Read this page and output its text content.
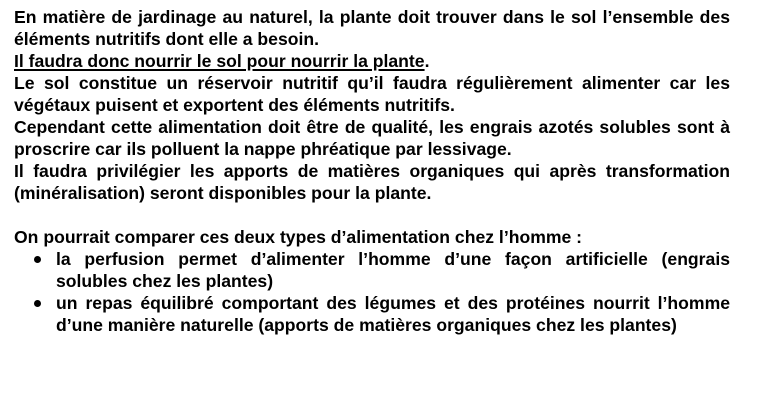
En matière de jardinage au naturel, la plante doit trouver dans le sol l’ensemble des éléments nutritifs dont elle a besoin.

Il faudra donc nourrir le sol pour nourrir la plante.

Le sol constitue un réservoir nutritif qu’il faudra régulièrement alimenter car les végétaux puisent et exportent des éléments nutritifs.

Cependant cette alimentation doit être de qualité, les engrais azotés solubles sont à proscrire car ils polluent la nappe phréatique par lessivage.

Il faudra privilégier les apports de matières organiques qui après transformation (minéralisation) seront disponibles pour la plante.

On pourrait comparer ces deux types d’alimentation chez l’homme :

la perfusion permet d’alimenter l’homme d’une façon artificielle (engrais solubles chez les plantes)
un repas équilibré comportant des légumes et des protéines nourrit l’homme d’une manière naturelle (apports de matières organiques chez les plantes)
